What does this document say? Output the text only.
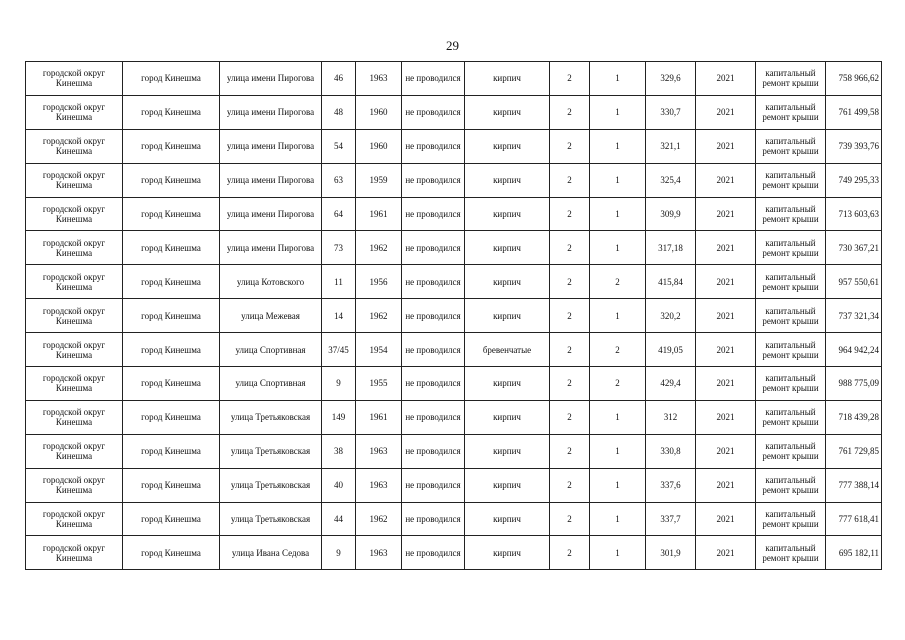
29
городской округ Кинешма	город Кинешма	улица имени Пирогова	46	1963	не проводился	кирпич	2	1	329,6	2021	капитальный ремонт крыши	758 966,62
городской округ Кинешма	город Кинешма	улица имени Пирогова	48	1960	не проводился	кирпич	2	1	330,7	2021	капитальный ремонт крыши	761 499,58
городской округ Кинешма	город Кинешма	улица имени Пирогова	54	1960	не проводился	кирпич	2	1	321,1	2021	капитальный ремонт крыши	739 393,76
городской округ Кинешма	город Кинешма	улица имени Пирогова	63	1959	не проводился	кирпич	2	1	325,4	2021	капитальный ремонт крыши	749 295,33
городской округ Кинешма	город Кинешма	улица имени Пирогова	64	1961	не проводился	кирпич	2	1	309,9	2021	капитальный ремонт крыши	713 603,63
городской округ Кинешма	город Кинешма	улица имени Пирогова	73	1962	не проводился	кирпич	2	1	317,18	2021	капитальный ремонт крыши	730 367,21
городской округ Кинешма	город Кинешма	улица Котовского	11	1956	не проводился	кирпич	2	2	415,84	2021	капитальный ремонт крыши	957 550,61
городской округ Кинешма	город Кинешма	улица Межевая	14	1962	не проводился	кирпич	2	1	320,2	2021	капитальный ремонт крыши	737 321,34
городской округ Кинешма	город Кинешма	улица Спортивная	37/45	1954	не проводился	бревенчатые	2	2	419,05	2021	капитальный ремонт крыши	964 942,24
городской округ Кинешма	город Кинешма	улица Спортивная	9	1955	не проводился	кирпич	2	2	429,4	2021	капитальный ремонт крыши	988 775,09
городской округ Кинешма	город Кинешма	улица Третьяковская	149	1961	не проводился	кирпич	2	1	312	2021	капитальный ремонт крыши	718 439,28
городской округ Кинешма	город Кинешма	улица Третьяковская	38	1963	не проводился	кирпич	2	1	330,8	2021	капитальный ремонт крыши	761 729,85
городской округ Кинешма	город Кинешма	улица Третьяковская	40	1963	не проводился	кирпич	2	1	337,6	2021	капитальный ремонт крыши	777 388,14
городской округ Кинешма	город Кинешма	улица Третьяковская	44	1962	не проводился	кирпич	2	1	337,7	2021	капитальный ремонт крыши	777 618,41
городской округ Кинешма	город Кинешма	улица Ивана Седова	9	1963	не проводился	кирпич	2	1	301,9	2021	капитальный ремонт крыши	695 182,11
